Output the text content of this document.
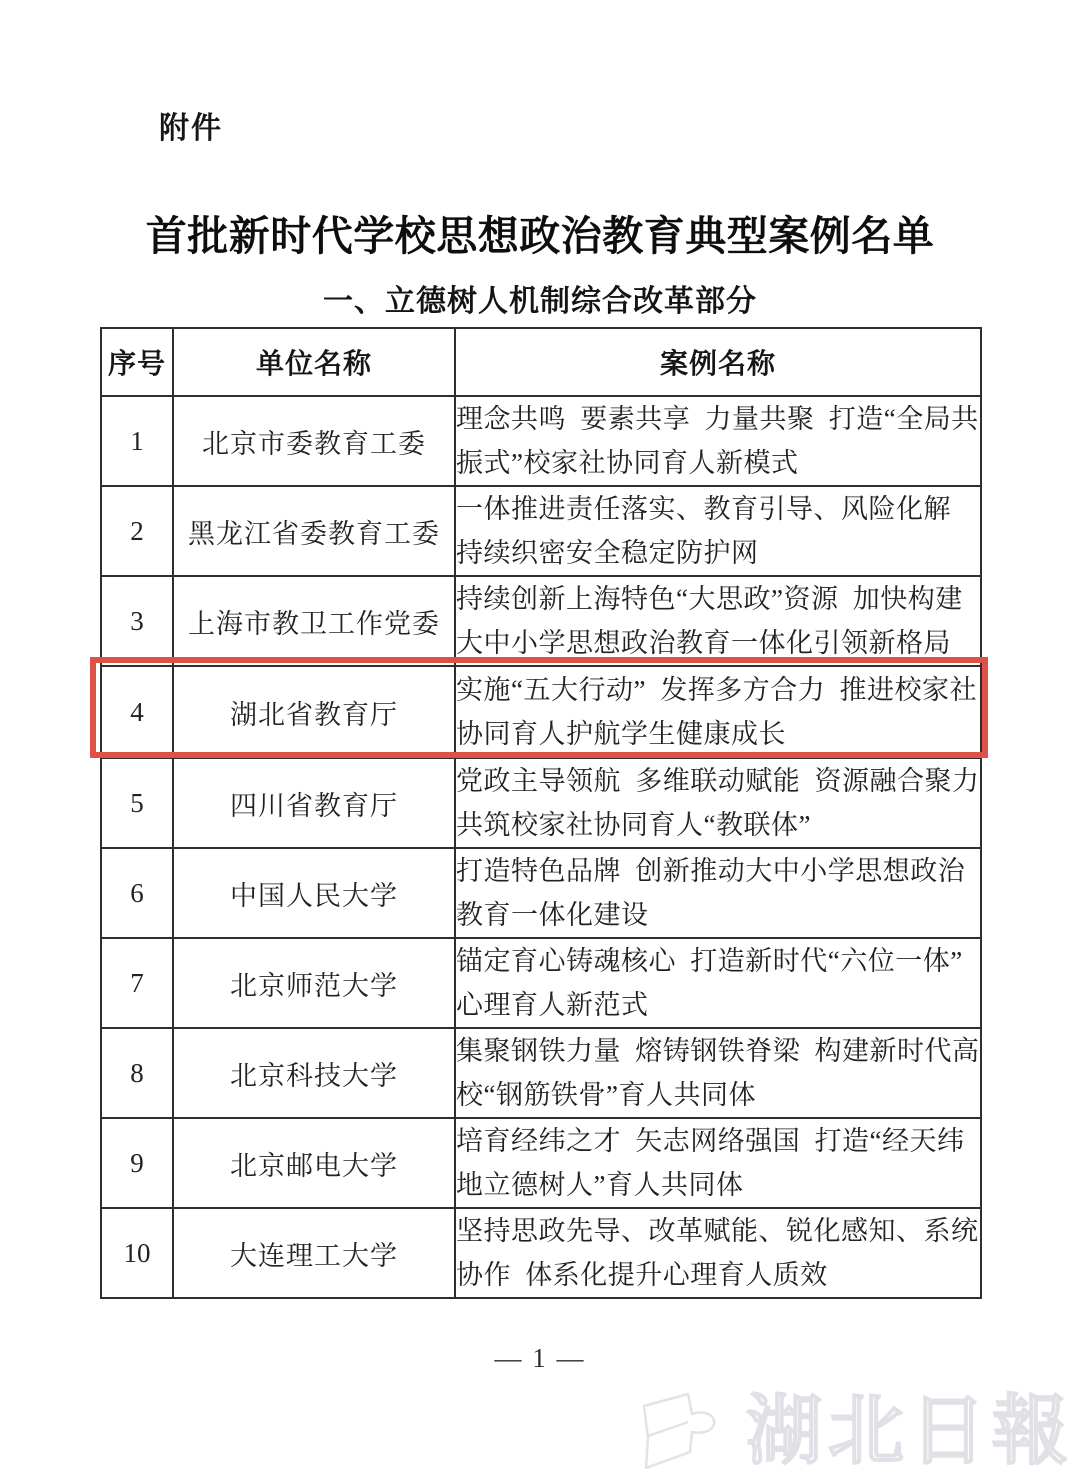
附件
首批新时代学校思想政治教育典型案例名单
一、立德树人机制综合改革部分
序号	单位名称	案例名称
1	北京市委教育工委	理念共鸣 要素共享 力量共聚 打造“全局共振式”校家社协同育人新模式
2	黑龙江省委教育工委	一体推进责任落实、教育引导、风险化解 持续织密安全稳定防护网
3	上海市教卫工作党委	持续创新上海特色“大思政”资源 加快构建大中小学思想政治教育一体化引领新格局
4	湖北省教育厅	实施“五大行动” 发挥多方合力 推进校家社协同育人护航学生健康成长
5	四川省教育厅	党政主导领航 多维联动赋能 资源融合聚力 共筑校家社协同育人“教联体”
6	中国人民大学	打造特色品牌 创新推动大中小学思想政治教育一体化建设
7	北京师范大学	锚定育心铸魂核心 打造新时代“六位一体”心理育人新范式
8	北京科技大学	集聚钢铁力量 熔铸钢铁脊梁 构建新时代高校“钢筋铁骨”育人共同体
9	北京邮电大学	培育经纬之才 矢志网络强国 打造“经天纬地立德树人”育人共同体
10	大连理工大学	坚持思政先导、改革赋能、锐化感知、系统协作 体系化提升心理育人质效
— 1 —
湖北日報
